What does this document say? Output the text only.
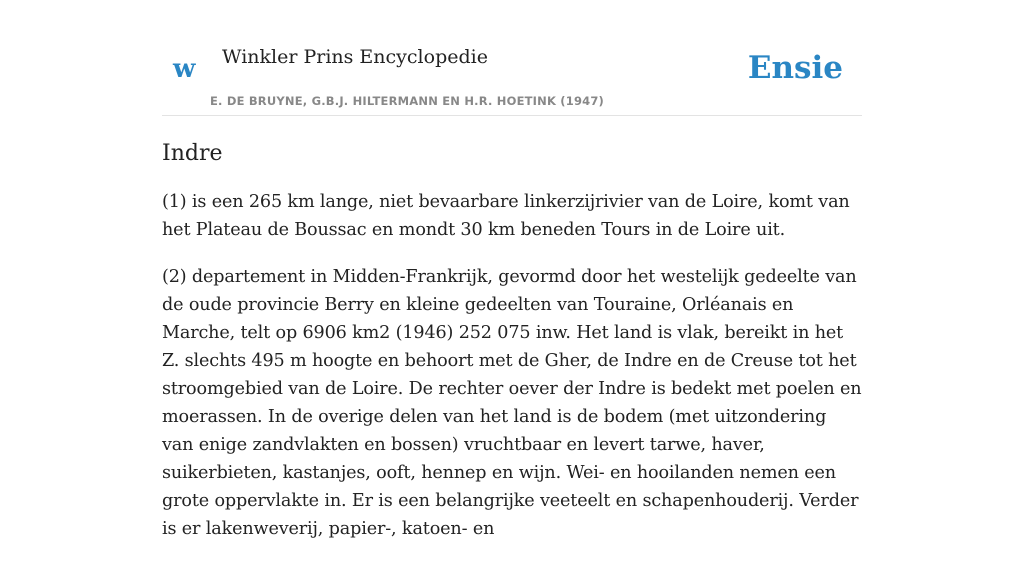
w Winkler Prins Encyclopedie
E. DE BRUYNE, G.B.J. HILTERMANN EN H.R. HOETINK (1947)
Ensie
Indre

(1) is een 265 km lange, niet bevaarbare linkerzijrivier van de Loire, komt van het Plateau de Boussac en mondt 30 km beneden Tours in de Loire uit.

(2) departement in Midden-Frankrijk, gevormd door het westelijk gedeelte van de oude provincie Berry en kleine gedeelten van Touraine, Orléanais en Marche, telt op 6906 km2 (1946) 252 075 inw. Het land is vlak, bereikt in het Z. slechts 495 m hoogte en behoort met de Gher, de Indre en de Creuse tot het stroomgebied van de Loire. De rechter oever der Indre is bedekt met poelen en moerassen. In de overige delen van het land is de bodem (met uitzondering van enige zandvlakten en bossen) vruchtbaar en levert tarwe, haver, suikerbieten, kastanjes, ooft, hennep en wijn. Wei- en hooilanden nemen een grote oppervlakte in. Er is een belangrijke veeteelt en schapenhouderij. Verder is er lakenweverij, papier-, katoen- en
